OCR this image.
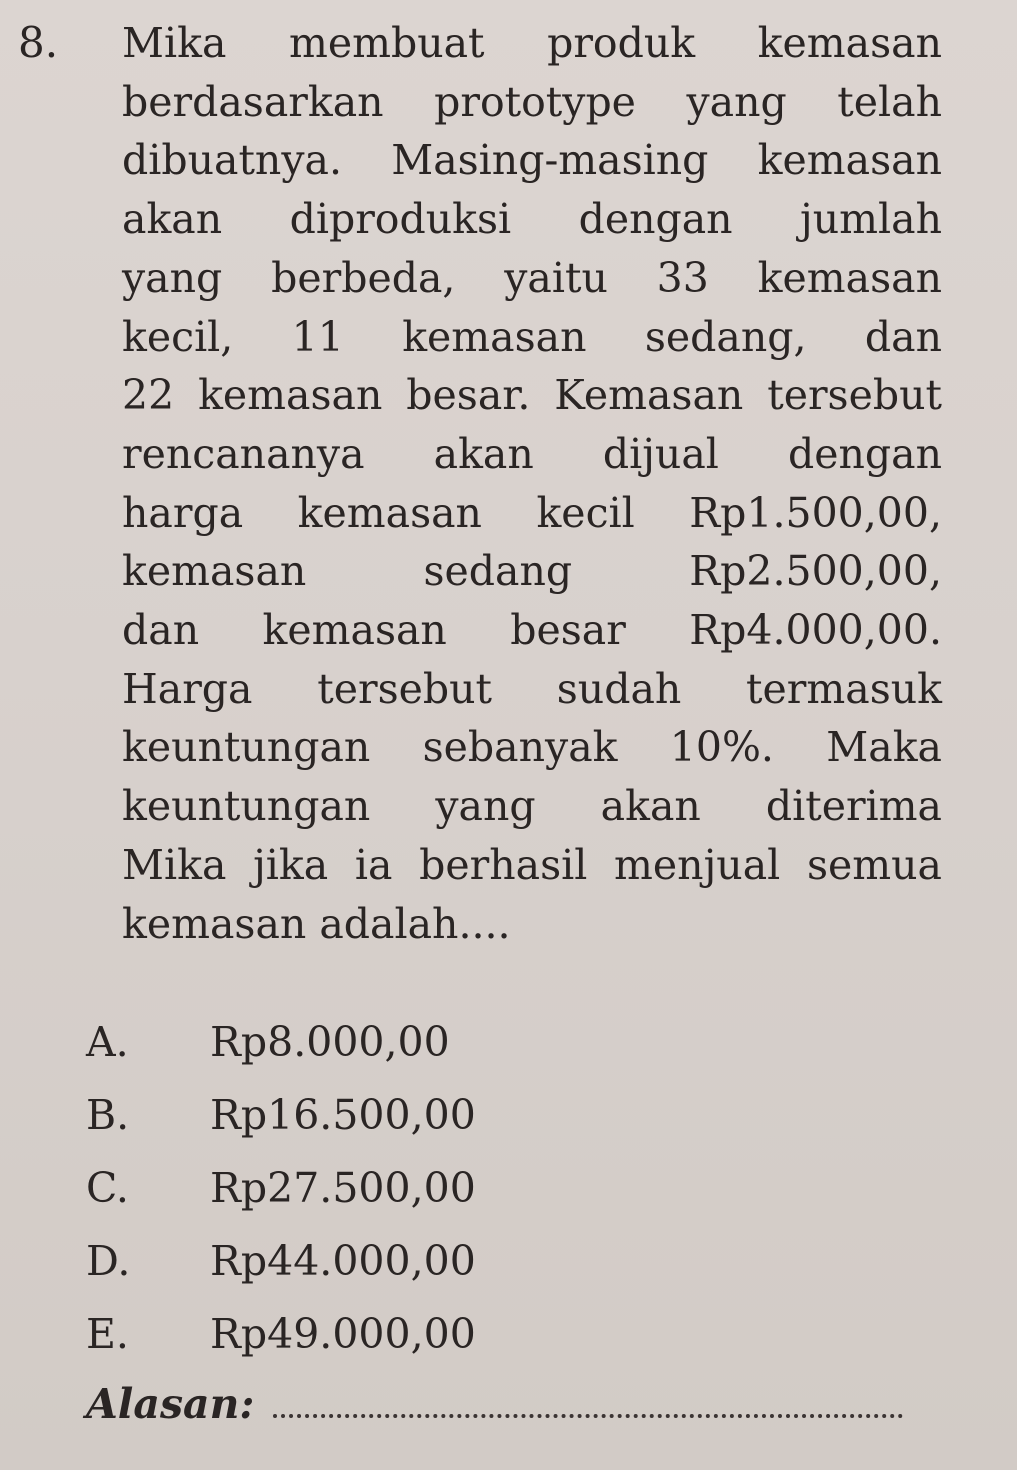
8. Mika membuat produk kemasan
berdasarkan prototype yang telah
dibuatnya. Masing-masing kemasan
akan diproduksi dengan jumlah
yang berbeda, yaitu 33 kemasan
kecil, 11 kemasan sedang, dan
22 kemasan besar. Kemasan tersebut
rencananya akan dijual dengan
harga kemasan kecil Rp1.500,00,
kemasan sedang Rp2.500,00,
dan kemasan besar Rp4.000,00.
Harga tersebut sudah termasuk
keuntungan sebanyak 10%. Maka
keuntungan yang akan diterima
Mika jika ia berhasil menjual semua
kemasan adalah....
A.	Rp8.000,00
B.	Rp16.500,00
C.	Rp27.500,00
D.	Rp44.000,00
E.	Rp49.000,00
Alasan:
